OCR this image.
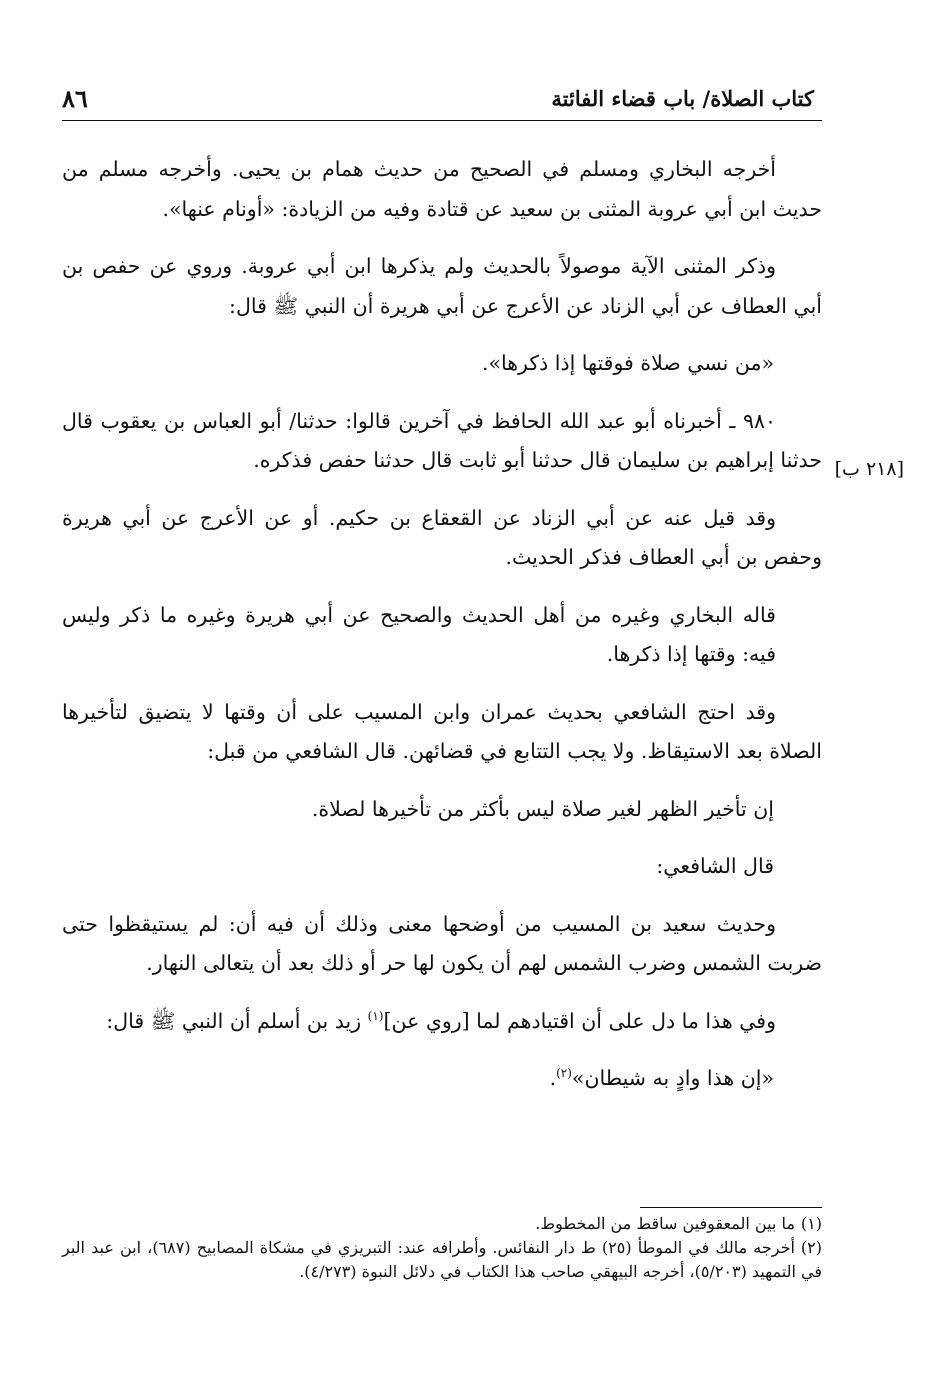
كتاب الصلاة/ باب قضاء الفائتة
٨٦
[٢١٨ ب]

أخرجه البخاري ومسلم في الصحيح من حديث همام بن يحيى. وأخرجه مسلم من حديث ابن أبي عروبة المثنى بن سعيد عن قتادة وفيه من الزيادة: «أونام عنها».

وذكر المثنى الآية موصولاً بالحديث ولم يذكرها ابن أبي عروبة. وروي عن حفص بن أبي العطاف عن أبي الزناد عن الأعرج عن أبي هريرة أن النبي ﷺ قال:

«من نسي صلاة فوقتها إذا ذكرها».

٩٨٠ ـ أخبرناه أبو عبد الله الحافظ في آخرين قالوا: حدثنا/ أبو العباس بن يعقوب قال حدثنا إبراهيم بن سليمان قال حدثنا أبو ثابت قال حدثنا حفص فذكره.

وقد قيل عنه عن أبي الزناد عن القعقاع بن حكيم. أو عن الأعرج عن أبي هريرة وحفص بن أبي العطاف فذكر الحديث.

قاله البخاري وغيره من أهل الحديث والصحيح عن أبي هريرة وغيره ما ذكر وليس فيه: وقتها إذا ذكرها.

وقد احتج الشافعي بحديث عمران وابن المسيب على أن وقتها لا يتضيق لتأخيرها الصلاة بعد الاستيقاظ. ولا يجب التتابع في قضائهن. قال الشافعي من قبل:

إن تأخير الظهر لغير صلاة ليس بأكثر من تأخيرها لصلاة.

قال الشافعي:

وحديث سعيد بن المسيب من أوضحها معنى وذلك أن فيه أن: لم يستيقظوا حتى ضربت الشمس وضرب الشمس لهم أن يكون لها حر أو ذلك بعد أن يتعالى النهار.

وفي هذا ما دل على أن اقتيادهم لما [روي عن]$^{(١)}$ زيد بن أسلم أن النبي ﷺ قال:

«إن هذا وادٍ به شيطان»$^{(٢)}$.

(١)ما بين المعقوفين ساقط من المخطوط.

(٢)أخرجه مالك في الموطأ (٢٥) ط دار النفائس. وأطرافه عند: التبريزي في مشكاة المصابيح (٦٨٧)، ابن عبد البر في التمهيد (٥/٢٠٣)، أخرجه البيهقي صاحب هذا الكتاب في دلائل النبوة (٤/٢٧٣).
